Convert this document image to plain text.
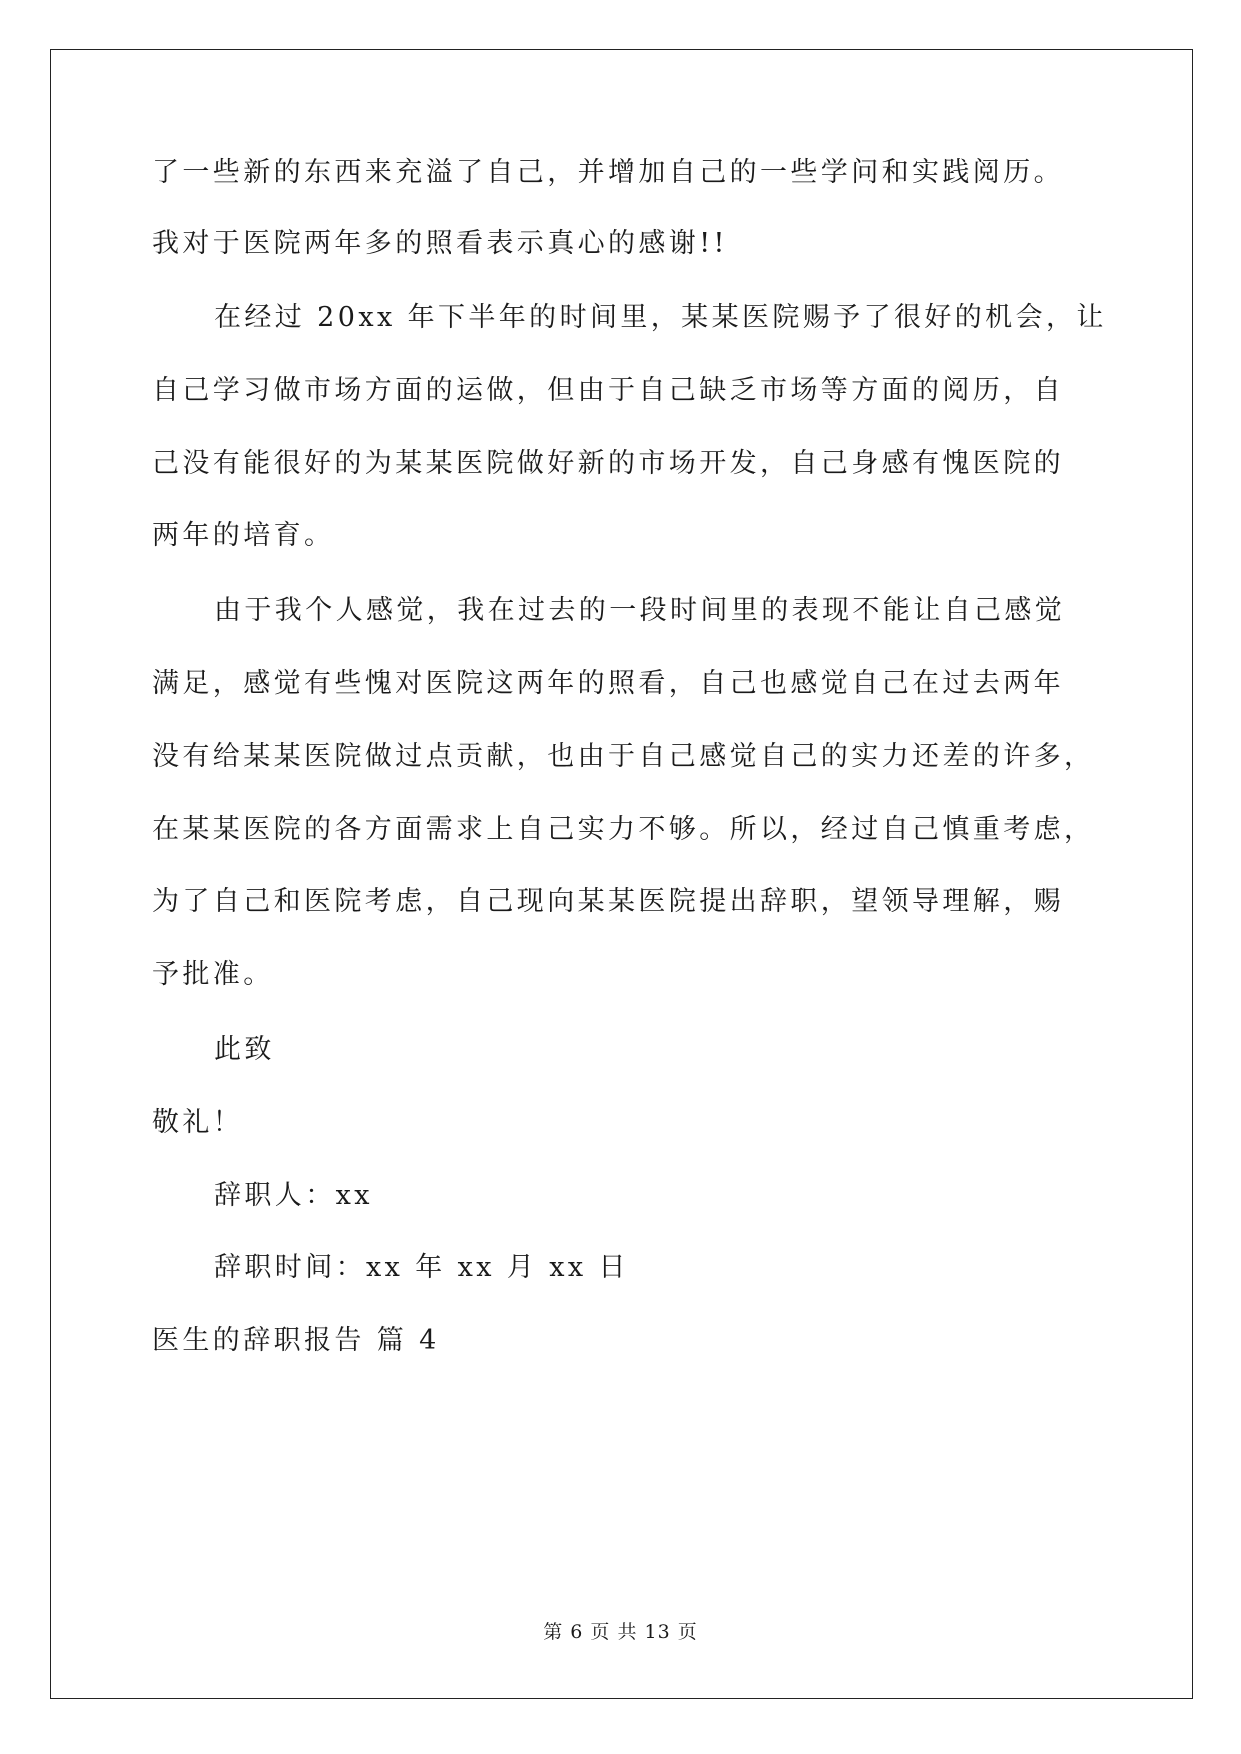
了一些新的东西来充溢了自己，并增加自己的一些学问和实践阅历。
我对于医院两年多的照看表示真心的感谢!!
在经过 20xx 年下半年的时间里，某某医院赐予了很好的机会，让
自己学习做市场方面的运做，但由于自己缺乏市场等方面的阅历，自
己没有能很好的为某某医院做好新的市场开发，自己身感有愧医院的
两年的培育。
由于我个人感觉，我在过去的一段时间里的表现不能让自己感觉
满足，感觉有些愧对医院这两年的照看，自己也感觉自己在过去两年
没有给某某医院做过点贡献，也由于自己感觉自己的实力还差的许多，
在某某医院的各方面需求上自己实力不够。所以，经过自己慎重考虑，
为了自己和医院考虑，自己现向某某医院提出辞职，望领导理解，赐
予批准。
此致
敬礼！
辞职人：xx
辞职时间：xx 年 xx 月 xx 日
医生的辞职报告 篇 4
第 6 页 共 13 页
